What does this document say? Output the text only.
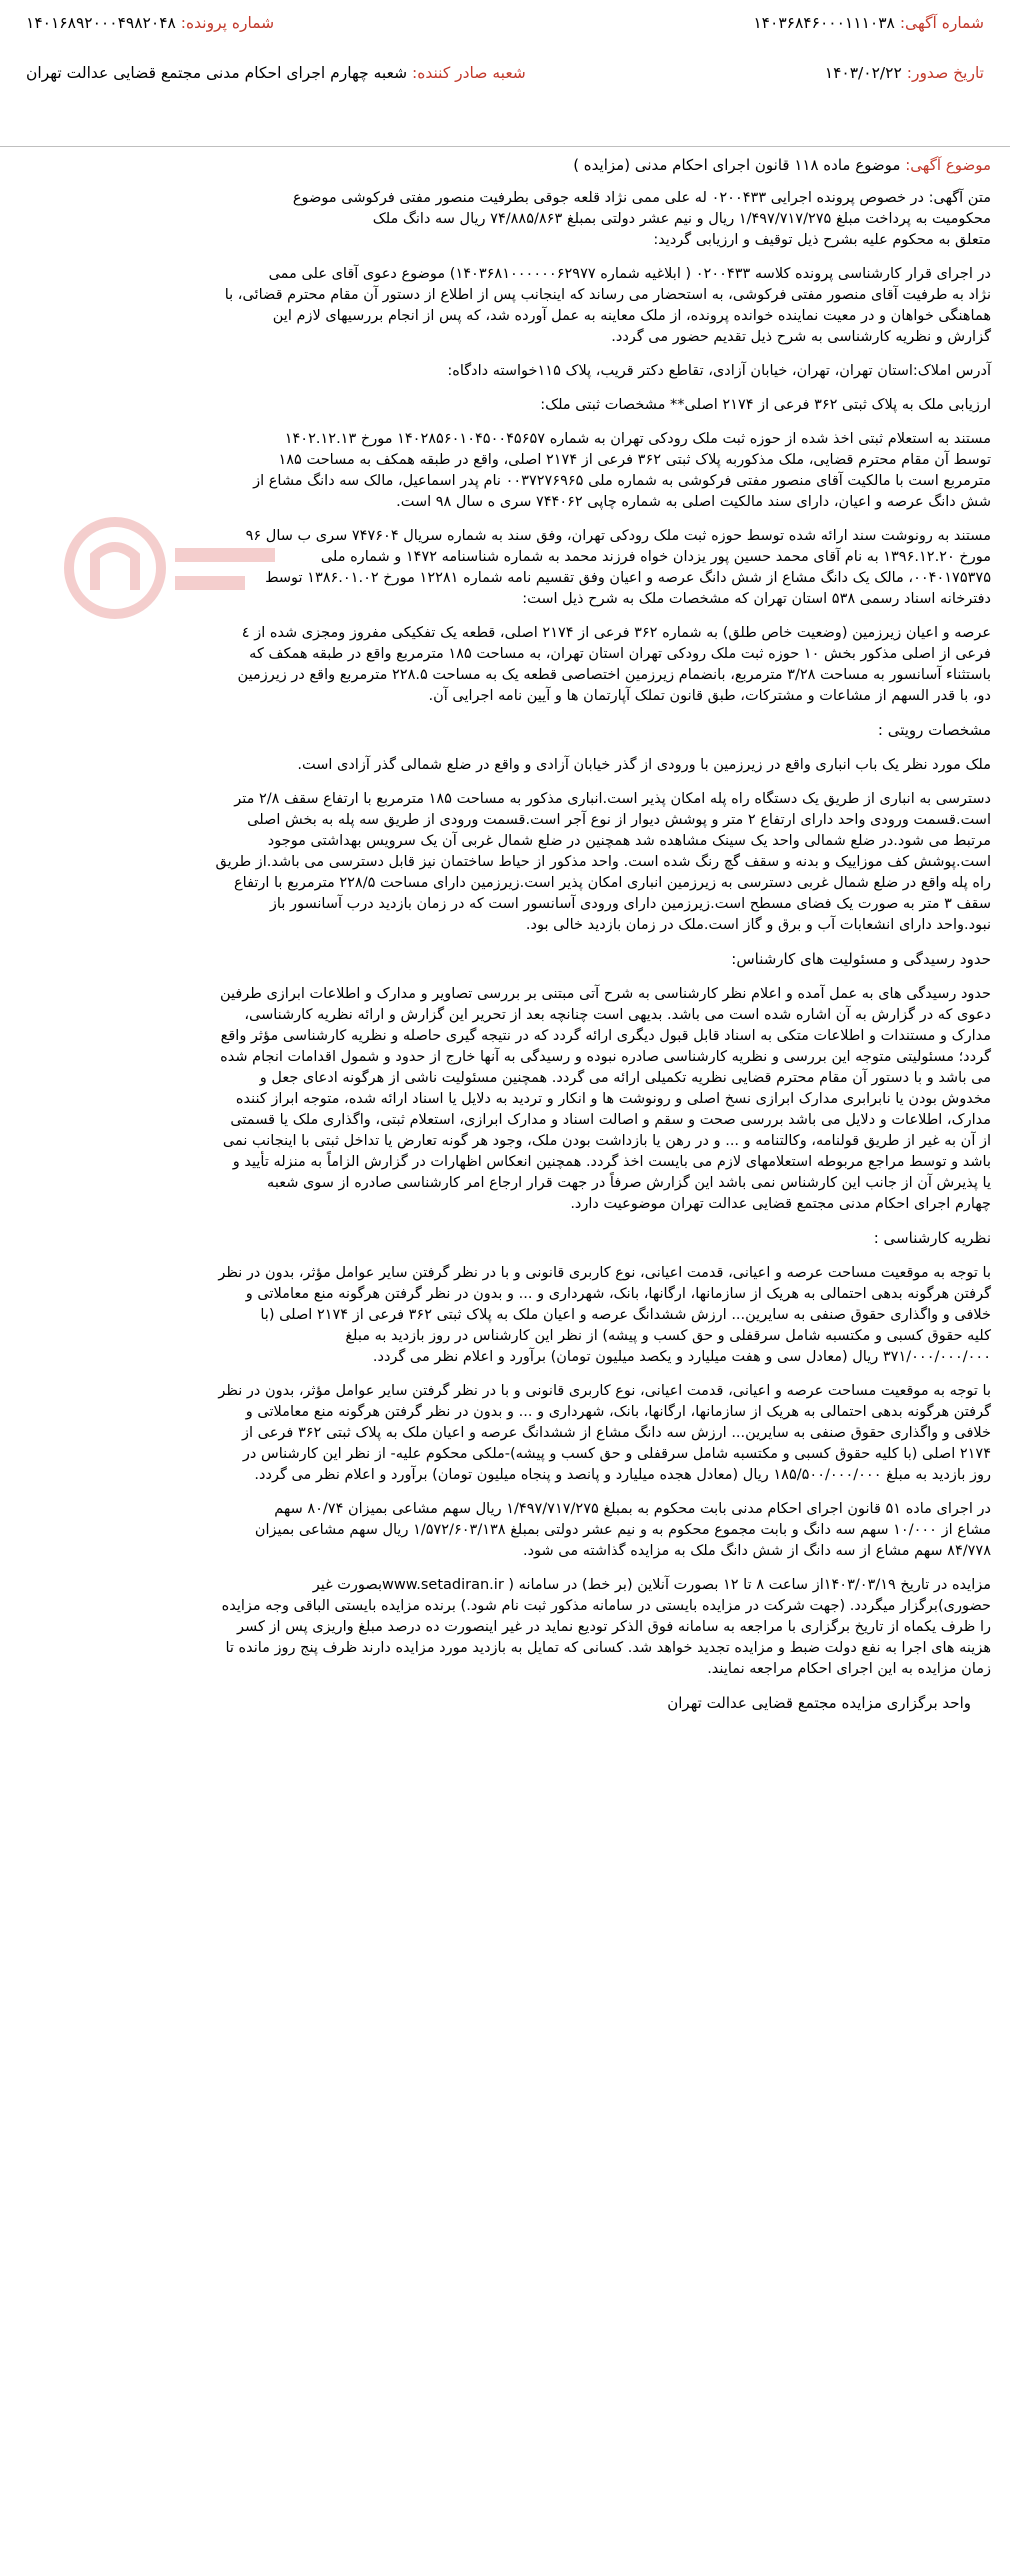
شماره آگهی: ۱۴۰۳۶۸۴۶۰۰۰۱۱۱۰۳۸
شماره پرونده: ۱۴۰۱۶۸۹۲۰۰۰۴۹۸۲۰۴۸
تاریخ صدور: ۱۴۰۳/۰۲/۲۲
شعبه صادر کننده: شعبه چهارم اجرای احکام مدنی مجتمع قضایی عدالت تهران
موضوع آگهی: موضوع ماده ۱۱۸ قانون اجرای احکام مدنی (مزایده )

متن آگهی: در خصوص پرونده اجرایی ۰۲۰۰۴۳۳ له علی ممی نژاد قلعه جوقی بطرفیت منصور مفتی فرکوشی موضوع

محکومیت به پرداخت مبلغ ۱/۴۹۷/۷۱۷/۲۷۵ ریال و نیم عشر دولتی بمبلغ ۷۴/۸۸۵/۸۶۳ ریال سه دانگ ملک

متعلق به محکوم علیه بشرح ذیل توقیف و ارزیابی گردید:

در اجرای قرار کارشناسی پرونده کلاسه ۰۲۰۰۴۳۳ ( ابلاغیه شماره ۱۴۰۳۶۸۱۰۰۰۰۰۰۶۲۹۷۷) موضوع دعوی آقای علی ممی

نژاد به طرفیت آقای منصور مفتی فرکوشی، به استحضار می رساند که اینجانب پس از اطلاع از دستور آن مقام محترم قضائی، با

هماهنگی خواهان و در معیت نماینده خوانده پرونده، از ملک معاینه به عمل آورده شد، که پس از انجام بررسیهای لازم این

گزارش و نظریه کارشناسی به شرح ذیل تقدیم حضور می گردد.

آدرس املاک:استان تهران، تهران، خیابان آزادی، تقاطع دکتر قریب، پلاک ۱۱۵خواسته دادگاه:

ارزیابی ملک به پلاک ثبتی ۳۶۲ فرعی از ۲۱۷۴ اصلی** مشخصات ثبتی ملک:

مستند به استعلام ثبتی اخذ شده از حوزه ثبت ملک رودکی تهران به شماره ۱۴۰۲۸۵۶۰۱۰۴۵۰۰۴۵۶۵۷ مورخ ۱۴۰۲.۱۲.۱۳

توسط آن مقام محترم قضایی، ملک مذکوربه پلاک ثبتی ۳۶۲ فرعی از ۲۱۷۴ اصلی، واقع در طبقه همکف به مساحت ۱۸۵

مترمربع است با مالکیت آقای منصور مفتی فرکوشی به شماره ملی ۰۰۳۷۲۷۶۹۶۵ نام پدر اسماعیل، مالک سه دانگ مشاع از

شش دانگ عرصه و اعیان، دارای سند مالکیت اصلی به شماره چاپی ۷۴۴۰۶۲ سری ه سال ۹۸ است.

مستند به رونوشت سند ارائه شده توسط حوزه ثبت ملک رودکی تهران، وفق سند به شماره سریال ۷۴۷۶۰۴ سری ب سال ۹۶

مورخ ۱۳۹۶.۱۲.۲۰ به نام آقای محمد حسین پور یزدان خواه فرزند محمد به شماره شناسنامه ۱۴۷۲ و شماره ملی

۰۰۴۰۱۷۵۳۷۵، مالک یک دانگ مشاع از شش دانگ عرصه و اعیان وفق تقسیم نامه شماره ۱۲۲۸۱ مورخ ۱۳۸۶.۰۱.۰۲ توسط

دفترخانه اسناد رسمی ۵۳۸ استان تهران که مشخصات ملک به شرح ذیل است:

عرصه و اعیان زیرزمین (وضعیت خاص طلق) به شماره ۳۶۲ فرعی از ۲۱۷۴ اصلی، قطعه یک تفکیکی مفروز ومجزی شده از ٤

فرعی از اصلی مذکور بخش ۱۰ حوزه ثبت ملک رودکی تهران استان تهران، به مساحت ۱۸۵ مترمربع واقع در طبقه همکف که

باستثناء آسانسور به مساحت ۳/۲۸ مترمربع، بانضمام زیرزمین اختصاصی قطعه یک به مساحت ۲۲۸.۵ مترمربع واقع در زیرزمین

دو، با قدر السهم از مشاعات و مشترکات، طبق قانون تملک آپارتمان ها و آیین نامه اجرایی آن.

مشخصات رویتی :

ملک مورد نظر یک باب انباری واقع در زیرزمین با ورودی از گذر خیابان آزادی و واقع در ضلع شمالی گذر آزادی است.

دسترسی به انباری از طریق یک دستگاه راه پله امکان پذیر است.انباری مذکور به مساحت ۱۸۵ مترمربع با ارتفاع سقف ۲/۸ متر

است.قسمت ورودی واحد دارای ارتفاع ۲ متر و پوشش دیوار از نوع آجر است.قسمت ورودی از طریق سه پله به بخش اصلی

مرتبط می شود.در ضلع شمالی واحد یک سینک مشاهده شد همچنین در ضلع شمال غربی آن یک سرویس بهداشتی موجود

است.پوشش کف موزاییک و بدنه و سقف گچ رنگ شده است. واحد مذکور از حیاط ساختمان نیز قابل دسترسی می باشد.از طریق

راه پله واقع در ضلع شمال غربی دسترسی به زیرزمین انباری امکان پذیر است.زیرزمین دارای مساحت ۲۲۸/۵ مترمربع با ارتفاع

سقف ۳ متر به صورت یک فضای مسطح است.زیرزمین دارای ورودی آسانسور است که در زمان بازدید درب آسانسور باز

نبود.واحد دارای انشعابات آب و برق و گاز است.ملک در زمان بازدید خالی بود.

حدود رسیدگی و مسئولیت های کارشناس:

حدود رسیدگی های به عمل آمده و اعلام نظر کارشناسی به شرح آتی مبتنی بر بررسی تصاویر و مدارک و اطلاعات ابرازی طرفین

دعوی که در گزارش به آن اشاره شده است می باشد. بدیهی است چنانچه بعد از تحریر این گزارش و ارائه نظریه کارشناسی،

مدارک و مستندات و اطلاعات متکی به اسناد قابل قبول دیگری ارائه گردد که در نتیجه گیری حاصله و نظریه کارشناسی مؤثر واقع

گردد؛ مسئولیتی متوجه این بررسی و نظریه کارشناسی صادره نبوده و رسیدگی به آنها خارج از حدود و شمول اقدامات انجام شده

می باشد و با دستور آن مقام محترم قضایی نظریه تکمیلی ارائه می گردد. همچنین مسئولیت ناشی از هرگونه ادعای جعل و

مخدوش بودن یا نابرابری مدارک ابرازی نسخ اصلی و رونوشت ها و انکار و تردید به دلایل یا اسناد ارائه شده، متوجه ابراز کننده

مدارک، اطلاعات و دلایل می باشد بررسی صحت و سقم و اصالت اسناد و مدارک ابرازی، استعلام ثبتی، واگذاری ملک یا قسمتی

از آن به غیر از طریق قولنامه، وکالتنامه و ... و در رهن یا بازداشت بودن ملک، وجود هر گونه تعارض یا تداخل ثبتی با اینجانب نمی

باشد و توسط مراجع مربوطه استعلامهای لازم می بایست اخذ گردد. همچنین انعکاس اظهارات در گزارش الزاماً به منزله تأیید و

یا پذیرش آن از جانب این کارشناس نمی باشد این گزارش صرفاً در جهت قرار ارجاع امر کارشناسی صادره از سوی شعبه

چهارم اجرای احکام مدنی مجتمع قضایی عدالت تهران موضوعیت دارد.

نظریه کارشناسی :

با توجه به موقعیت مساحت عرصه و اعیانی، قدمت اعیانی، نوع کاربری قانونی و با در نظر گرفتن سایر عوامل مؤثر، بدون در نظر

گرفتن هرگونه بدهی احتمالی به هریک از سازمانها، ارگانها، بانک، شهرداری و ... و بدون در نظر گرفتن هرگونه منع معاملاتی و

خلافی و واگذاری حقوق صنفی به سایرین... ارزش ششدانگ عرصه و اعیان ملک به پلاک ثبتی ۳۶۲ فرعی از ۲۱۷۴ اصلی (با

کلیه حقوق کسبی و مکتسبه شامل سرقفلی و حق کسب و پیشه) از نظر این کارشناس در روز بازدید به مبلغ

۳۷۱/۰۰۰/۰۰۰/۰۰۰ ریال (معادل سی و هفت میلیارد و یکصد میلیون تومان) برآورد و اعلام نظر می گردد.

با توجه به موقعیت مساحت عرصه و اعیانی، قدمت اعیانی، نوع کاربری قانونی و با در نظر گرفتن سایر عوامل مؤثر، بدون در نظر

گرفتن هرگونه بدهی احتمالی به هریک از سازمانها، ارگانها، بانک، شهرداری و ... و بدون در نظر گرفتن هرگونه منع معاملاتی و

خلافی و واگذاری حقوق صنفی به سایرین... ارزش سه دانگ مشاع از ششدانگ عرصه و اعیان ملک به پلاک ثبتی ۳۶۲ فرعی از

۲۱۷۴ اصلی (با کلیه حقوق کسبی و مکتسبه شامل سرقفلی و حق کسب و پیشه)-ملکی محکوم علیه- از نظر این کارشناس در

روز بازدید به مبلغ ۱۸۵/۵۰۰/۰۰۰/۰۰۰ ریال (معادل هجده میلیارد و پانصد و پنجاه میلیون تومان) برآورد و اعلام نظر می گردد.

در اجرای ماده ۵۱ قانون اجرای احکام مدنی بابت محکوم به بمبلغ ۱/۴۹۷/۷۱۷/۲۷۵ ریال سهم مشاعی بمیزان ۸۰/۷۴ سهم

مشاع از ۱۰/۰۰۰ سهم سه دانگ و بابت مجموع محکوم به و نیم عشر دولتی بمبلغ ۱/۵۷۲/۶۰۳/۱۳۸ ریال سهم مشاعی بمیزان

۸۴/۷۷۸ سهم مشاع از سه دانگ از شش دانگ ملک به مزایده گذاشته می شود.

مزایده در تاریخ ۱۴۰۳/۰۳/۱۹از ساعت ۸ تا ۱۲ بصورت آنلاین (بر خط) در سامانه ( www.setadiran.irبصورت غیر

حضوری)برگزار میگردد. (جهت شرکت در مزایده بایستی در سامانه مذکور ثبت نام شود.) برنده مزایده بایستی الباقی وجه مزایده

را ظرف یکماه از تاریخ برگزاری با مراجعه به سامانه فوق الذکر تودیع نماید در غیر اینصورت ده درصد مبلغ واریزی پس از کسر

هزینه های اجرا به نفع دولت ضبط و مزایده تجدید خواهد شد. کسانی که تمایل به بازدید مورد مزایده دارند ظرف پنج روز مانده تا

زمان مزایده به این اجرای احکام مراجعه نمایند.

واحد برگزاری مزایده مجتمع قضایی عدالت تهران
